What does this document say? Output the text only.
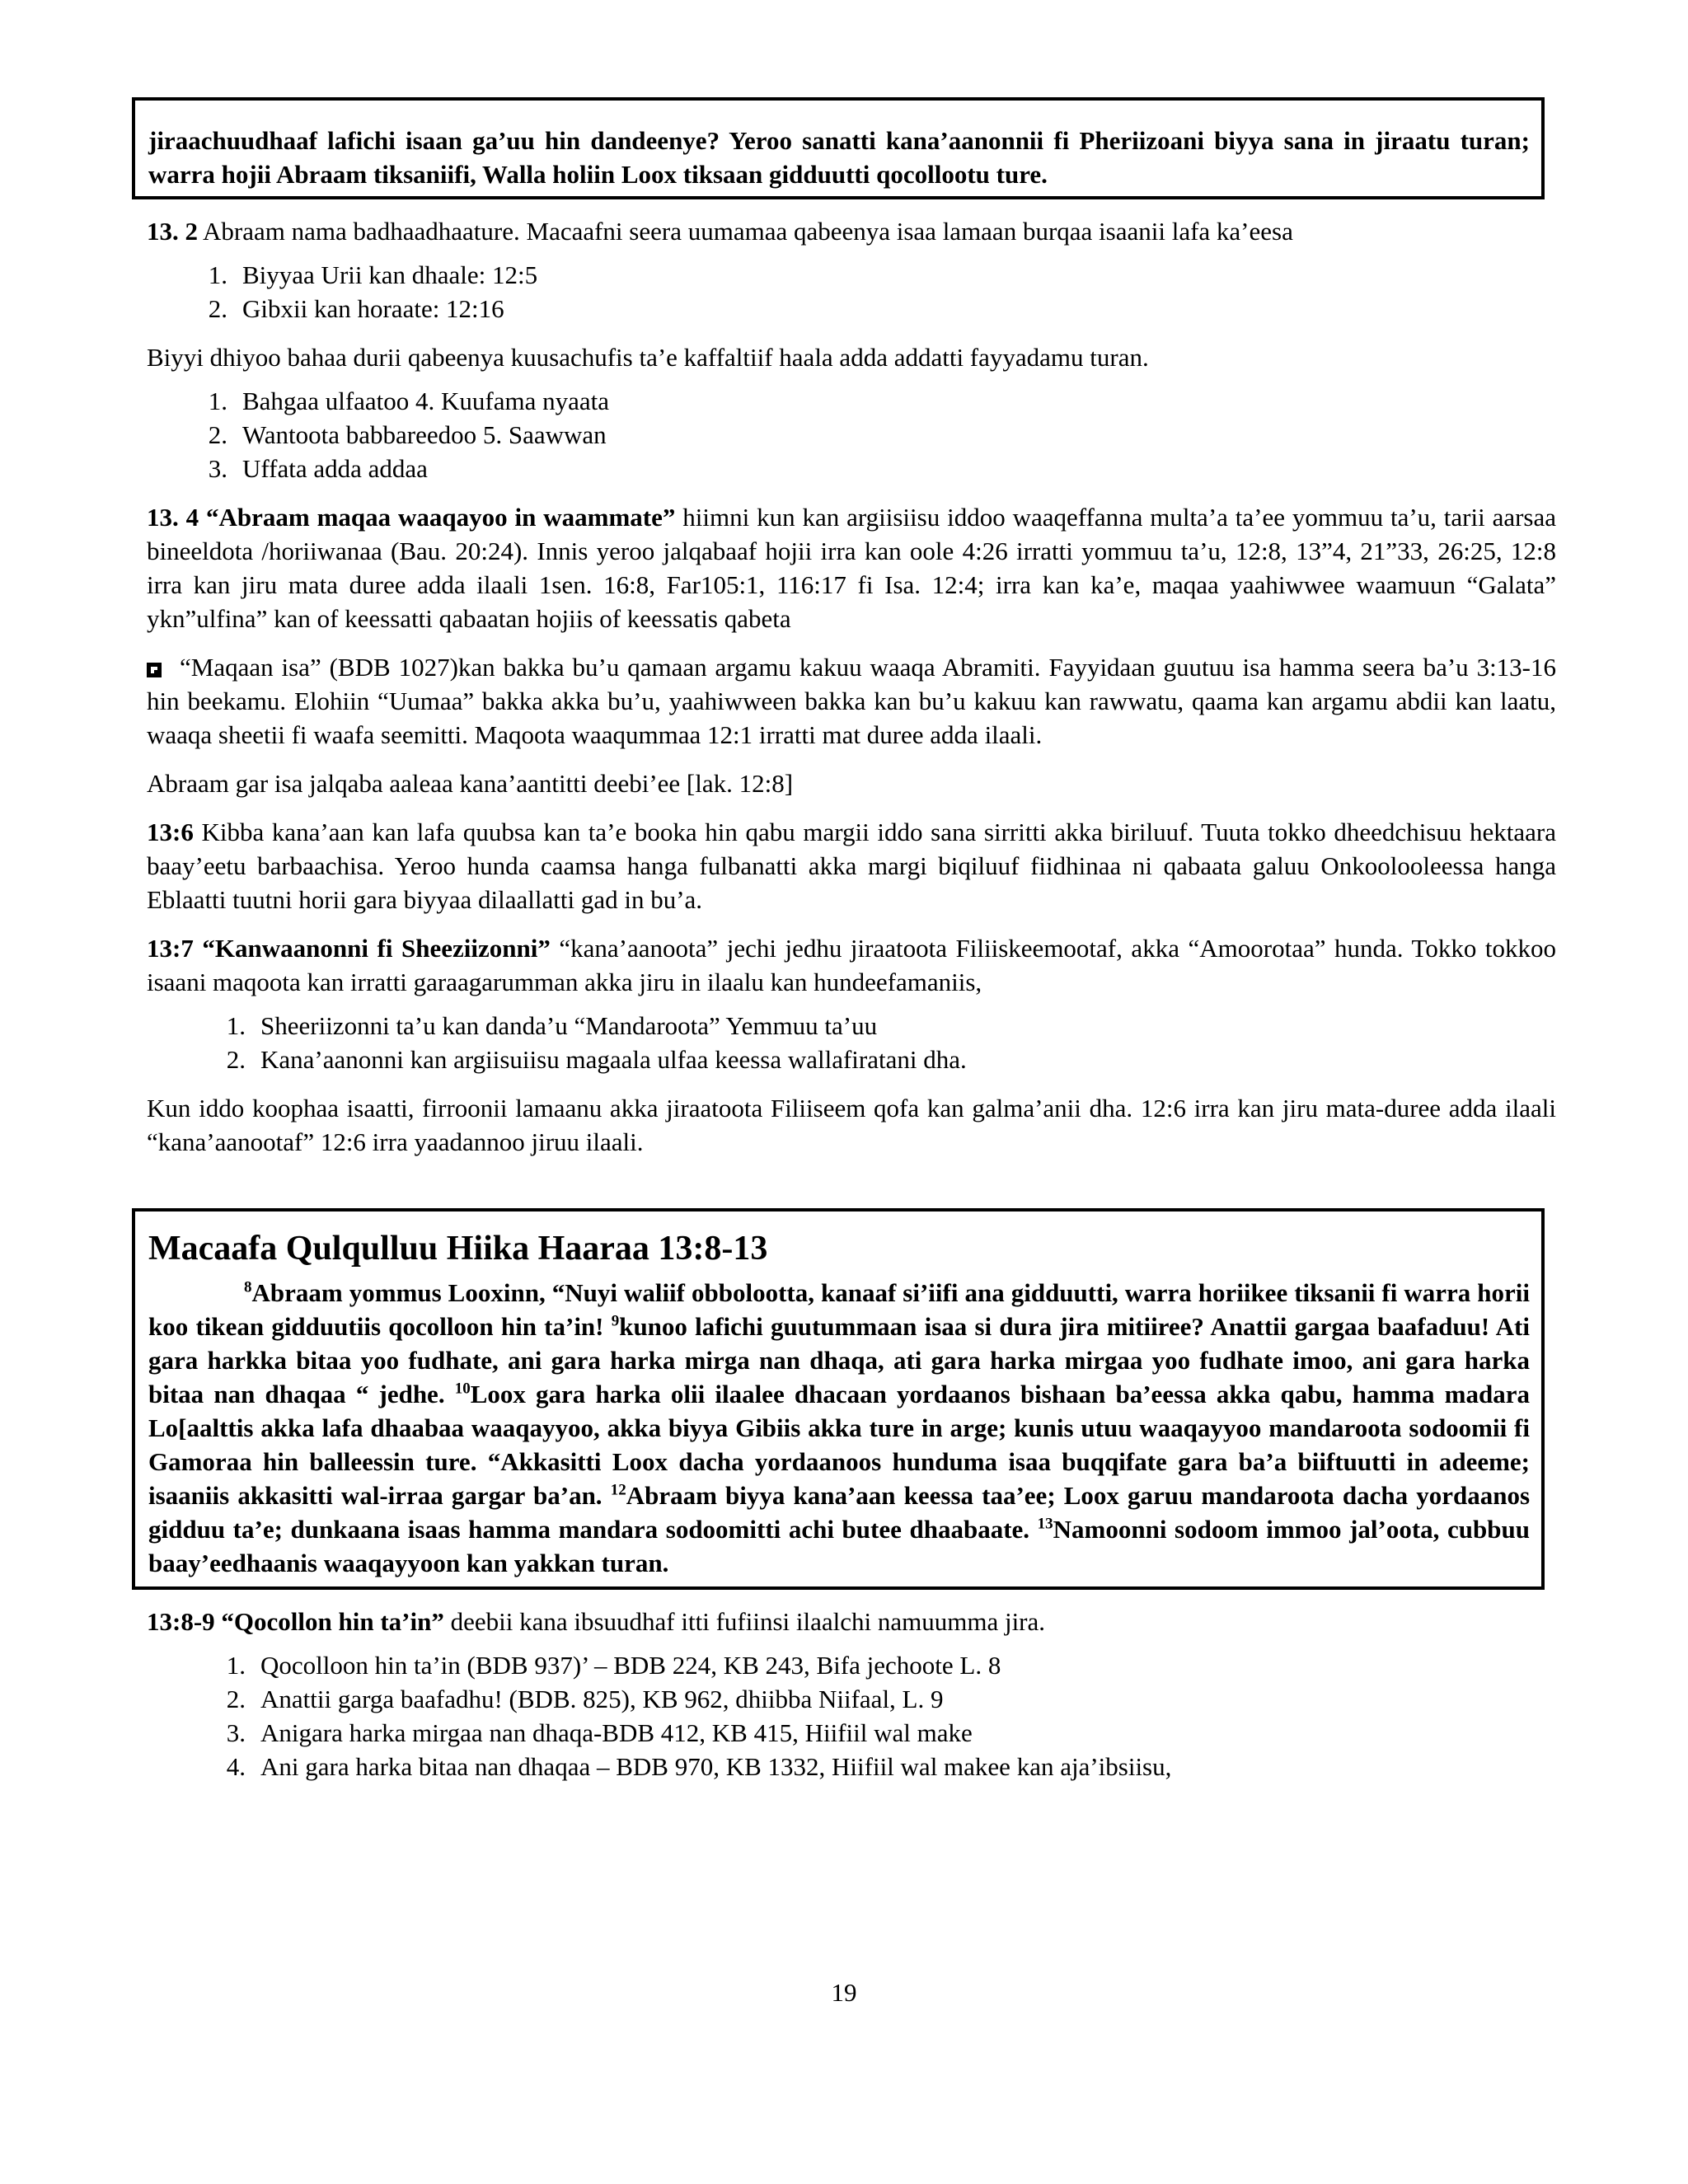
jiraachuudhaaf lafichi isaan ga’uu hin dandeenye? Yeroo sanatti kana’aanonnii fi Pheriizoani biyya sana in jiraatu turan; warra hojii Abraam tiksaniifi, Walla holiin Loox tiksaan gidduutti qocollootu ture.

13. 2 Abraam nama badhaadhaature. Macaafni seera uumamaa qabeenya isaa lamaan burqaa isaanii lafa ka’eesa

1. Biyyaa Urii kan dhaale: 12:5
2. Gibxii kan horaate: 12:16

Biyyi dhiyoo bahaa durii qabeenya kuusachufis ta’e kaffaltiif haala adda addatti fayyadamu turan.

1. Bahgaa ulfaatoo 4. Kuufama nyaata
2. Wantoota babbareedoo 5. Saawwan
3. Uffata adda addaa

13. 4 “Abraam maqaa waaqayoo in waammate” hiimni kun kan argiisiisu iddoo waaqeffanna multa’a ta’ee yommuu ta’u, tarii aarsaa bineeldota /horiiwanaa (Bau. 20:24). Innis yeroo jalqabaaf hojii irra kan oole 4:26 irratti yommuu ta’u, 12:8, 13”4, 21”33, 26:25, 12:8 irra kan jiru mata duree adda ilaali 1sen. 16:8, Far105:1, 116:17 fi Isa. 12:4; irra kan ka’e, maqaa yaahiwwee waamuun “Galata” ykn”ulfina” kan of keessatti qabaatan hojiis of keessatis qabeta

“Maqaan isa” (BDB 1027)kan bakka bu’u qamaan argamu kakuu waaqa Abramiti. Fayyidaan guutuu isa hamma seera ba’u 3:13-16 hin beekamu. Elohiin “Uumaa” bakka akka bu’u, yaahiwween bakka kan bu’u kakuu kan rawwatu, qaama kan argamu abdii kan laatu, waaqa sheetii fi waafa seemitti. Maqoota waaqummaa 12:1 irratti mat duree adda ilaali.

Abraam gar isa jalqaba aaleaa kana’aantitti deebi’ee [lak. 12:8]

13:6 Kibba kana’aan kan lafa quubsa kan ta’e booka hin qabu margii iddo sana sirritti akka biriluuf. Tuuta tokko dheedchisuu hektaara baay’eetu barbaachisa. Yeroo hunda caamsa hanga fulbanatti akka margi biqiluuf fiidhinaa ni qabaata galuu Onkoolooleessa hanga Eblaatti tuutni horii gara biyyaa dilaallatti gad in bu’a.

13:7 “Kanwaanonni fi Sheeziizonni” “kana’aanoota” jechi jedhu jiraatoota Filiiskeemootaf, akka “Amoorotaa” hunda. Tokko tokkoo isaani maqoota kan irratti garaagarumman akka jiru in ilaalu kan hundeefamaniis,

1. Sheeriizonni ta’u kan danda’u “Mandaroota” Yemmuu ta’uu
2. Kana’aanonni kan argiisuiisu magaala ulfaa keessa wallafiratani dha.

Kun iddo koophaa isaatti, firroonii lamaanu akka jiraatoota Filiiseem qofa kan galma’anii dha. 12:6 irra kan jiru mata-duree adda ilaali “kana’aanootaf” 12:6 irra yaadannoo jiruu ilaali.

Macaafa Qulqulluu Hiika Haaraa 13:8-13

$^8$Abraam yommus Looxinn, “Nuyi waliif obbolootta, kanaaf si’iifi ana gidduutti, warra horiikee tiksanii fi warra horii koo tikean gidduutiis qocolloon hin ta’in! $^9$kunoo lafichi guutummaan isaa si dura jira mitiiree? Anattii gargaa baafaduu! Ati gara harkka bitaa yoo fudhate, ani gara harka mirga nan dhaqa, ati gara harka mirgaa yoo fudhate imoo, ani gara harka bitaa nan dhaqaa “ jedhe. $^{10}$Loox gara harka olii ilaalee dhacaan yordaanos bishaan ba’eessa akka qabu, hamma madara Lo[aalttis akka lafa dhaabaa waaqayyoo, akka biyya Gibiis akka ture in arge; kunis utuu waaqayyoo mandaroota sodoomii fi Gamoraa hin balleessin ture. “Akkasitti Loox dacha yordaanoos hunduma isaa buqqifate gara ba’a biiftuutti in adeeme; isaaniis akkasitti wal-irraa gargar ba’an. $^{12}$Abraam biyya kana’aan keessa taa’ee; Loox garuu mandaroota dacha yordaanos gidduu ta’e; dunkaana isaas hamma mandara sodoomitti achi butee dhaabaate. $^{13}$Namoonni sodoom immoo jal’oota, cubbuu baay’eedhaanis waaqayyoon kan yakkan turan.

13:8-9 “Qocollon hin ta’in” deebii kana ibsuudhaf itti fufiinsi ilaalchi namuumma jira.

1. Qocolloon hin ta’in (BDB 937)’ – BDB 224, KB 243, Bifa jechoote L. 8
2. Anattii garga baafadhu! (BDB. 825), KB 962, dhiibba Niifaal, L. 9
3. Anigara harka mirgaa nan dhaqa-BDB 412, KB 415, Hiifiil wal make
4. Ani gara harka bitaa nan dhaqaa – BDB 970, KB 1332, Hiifiil wal makee kan aja’ibsiisu,
19
